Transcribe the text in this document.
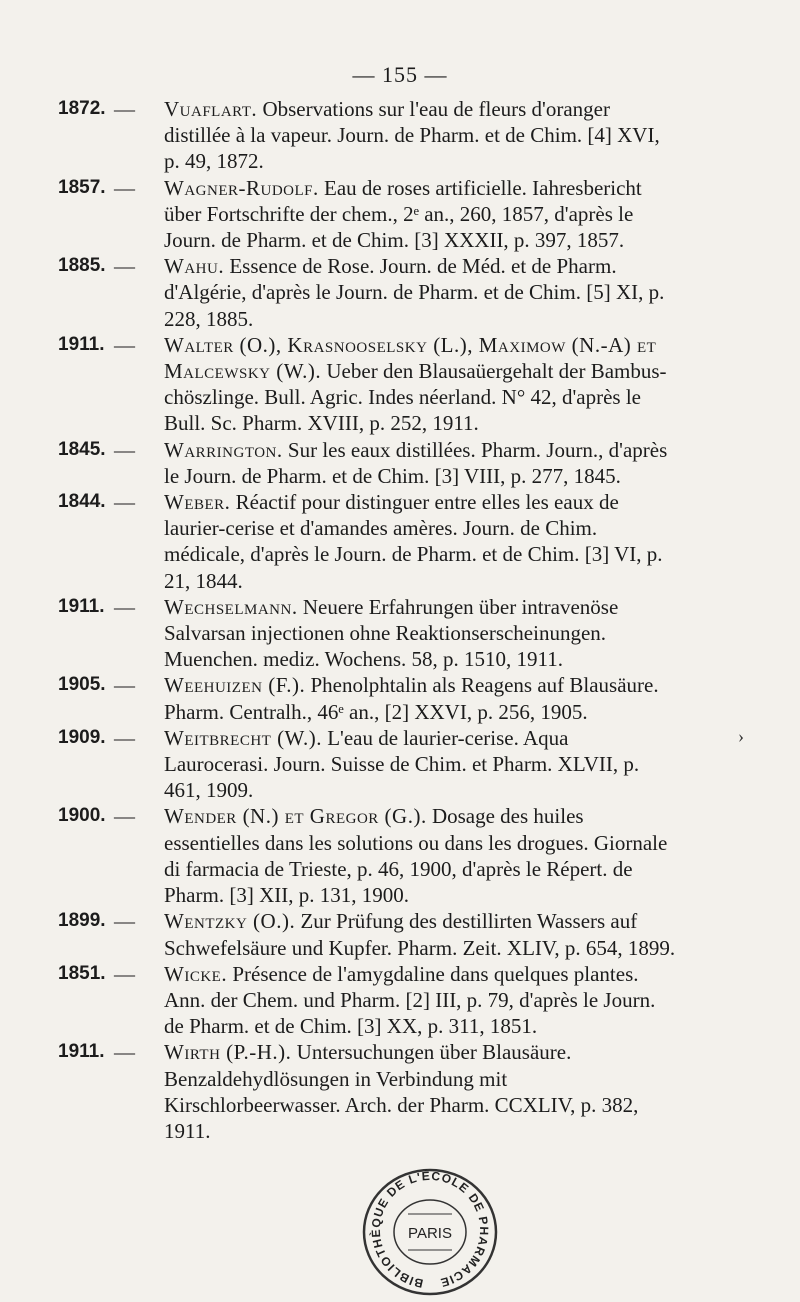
— 155 —
1872. — Vuaflart. Observations sur l'eau de fleurs d'oranger distillée à la vapeur. Journ. de Pharm. et de Chim. [4] XVI, p. 49, 1872.
1857. — Wagner-Rudolf. Eau de roses artificielle. Iahresbericht über Fortschrifte der chem., 2ᵉ an., 260, 1857, d'après le Journ. de Pharm. et de Chim. [3] XXXII, p. 397, 1857.
1885. — Wahu. Essence de Rose. Journ. de Méd. et de Pharm. d'Algérie, d'après le Journ. de Pharm. et de Chim. [5] XI, p. 228, 1885.
1911. — Walter (O.), Krasnooselsky (L.), Maximow (N.-A) et Malcewsky (W.). Ueber den Blausaüergehalt der Bambus-chöszlinge. Bull. Agric. Indes néerland. N° 42, d'après le Bull. Sc. Pharm. XVIII, p. 252, 1911.
1845. — Warrington. Sur les eaux distillées. Pharm. Journ., d'après le Journ. de Pharm. et de Chim. [3] VIII, p. 277, 1845.
1844. — Weber. Réactif pour distinguer entre elles les eaux de laurier-cerise et d'amandes amères. Journ. de Chim. médicale, d'après le Journ. de Pharm. et de Chim. [3] VI, p. 21, 1844.
1911. — Wechselmann. Neuere Erfahrungen über intravenöse Salvarsan injectionen ohne Reaktionserscheinungen. Muenchen. mediz. Wochens. 58, p. 1510, 1911.
1905. — Weehuizen (F.). Phenolphtalin als Reagens auf Blausäure. Pharm. Centralh., 46ᵉ an., [2] XXVI, p. 256, 1905.
1909. — Weitbrecht (W.). L'eau de laurier-cerise. Aqua Laurocerasi. Journ. Suisse de Chim. et Pharm. XLVII, p. 461, 1909.
1900. — Wender (N.) et Gregor (G.). Dosage des huiles essentielles dans les solutions ou dans les drogues. Giornale di farmacia de Trieste, p. 46, 1900, d'après le Répert. de Pharm. [3] XII, p. 131, 1900.
1899. — Wentzky (O.). Zur Prüfung des destillirten Wassers auf Schwefelsäure und Kupfer. Pharm. Zeit. XLIV, p. 654, 1899.
1851. — Wicke. Présence de l'amygdaline dans quelques plantes. Ann. der Chem. und Pharm. [2] III, p. 79, d'après le Journ. de Pharm. et de Chim. [3] XX, p. 311, 1851.
1911. — Wirth (P.-H.). Untersuchungen über Blausäure. Benzaldehydlösungen in Verbindung mit Kirschlorbeerwasser. Arch. der Pharm. CCXLIV, p. 382, 1911.
›
BIBLIOTHÈQUE DE L'ÉCOLE DE PHARMACIE
PARIS
